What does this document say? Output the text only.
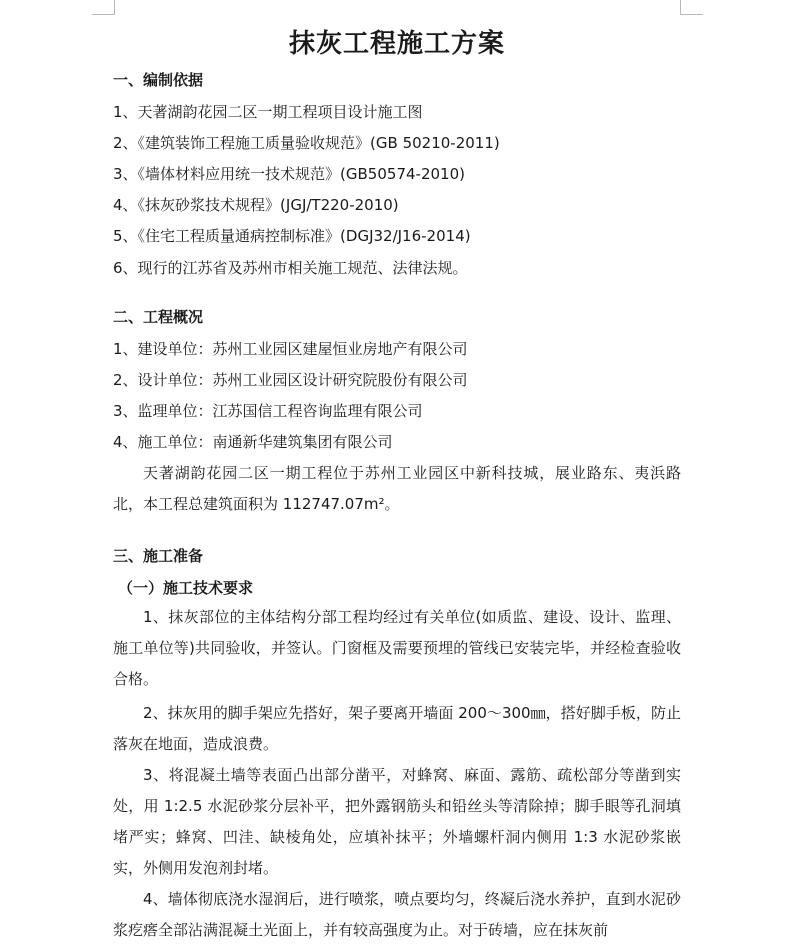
抹灰工程施工方案
一、编制依据
1、天著湖韵花园二区一期工程项目设计施工图
2、《建筑装饰工程施工质量验收规范》(GB 50210-2011)
3、《墙体材料应用统一技术规范》(GB50574-2010)
4、《抹灰砂浆技术规程》(JGJ/T220-2010)
5、《住宅工程质量通病控制标准》(DGJ32/J16-2014)
6、现行的江苏省及苏州市相关施工规范、法律法规。
二、工程概况
1、建设单位：苏州工业园区建屋恒业房地产有限公司
2、设计单位：苏州工业园区设计研究院股份有限公司
3、监理单位：江苏国信工程咨询监理有限公司
4、施工单位：南通新华建筑集团有限公司
天著湖韵花园二区一期工程位于苏州工业园区中新科技城，展业路东、夷浜路北，本工程总建筑面积为 112747.07m²。
三、施工准备
（一）施工技术要求
1、抹灰部位的主体结构分部工程均经过有关单位(如质监、建设、设计、监理、施工单位等)共同验收，并签认。门窗框及需要预埋的管线已安装完毕，并经检查验收合格。
2、抹灰用的脚手架应先搭好，架子要离开墙面 200～300㎜，搭好脚手板，防止落灰在地面，造成浪费。
3、将混凝土墙等表面凸出部分凿平，对蜂窝、麻面、露筋、疏松部分等凿到实处，用 1:2.5 水泥砂浆分层补平，把外露钢筋头和铅丝头等清除掉；脚手眼等孔洞填堵严实；蜂窝、凹洼、缺棱角处，应填补抹平；外墙螺杆洞内侧用 1:3 水泥砂浆嵌实，外侧用发泡剂封堵。
4、墙体彻底浇水湿润后，进行喷浆，喷点要均匀，终凝后浇水养护，直到水泥砂浆疙瘩全部沾满混凝土光面上，并有较高强度为止。对于砖墙，应在抹灰前
